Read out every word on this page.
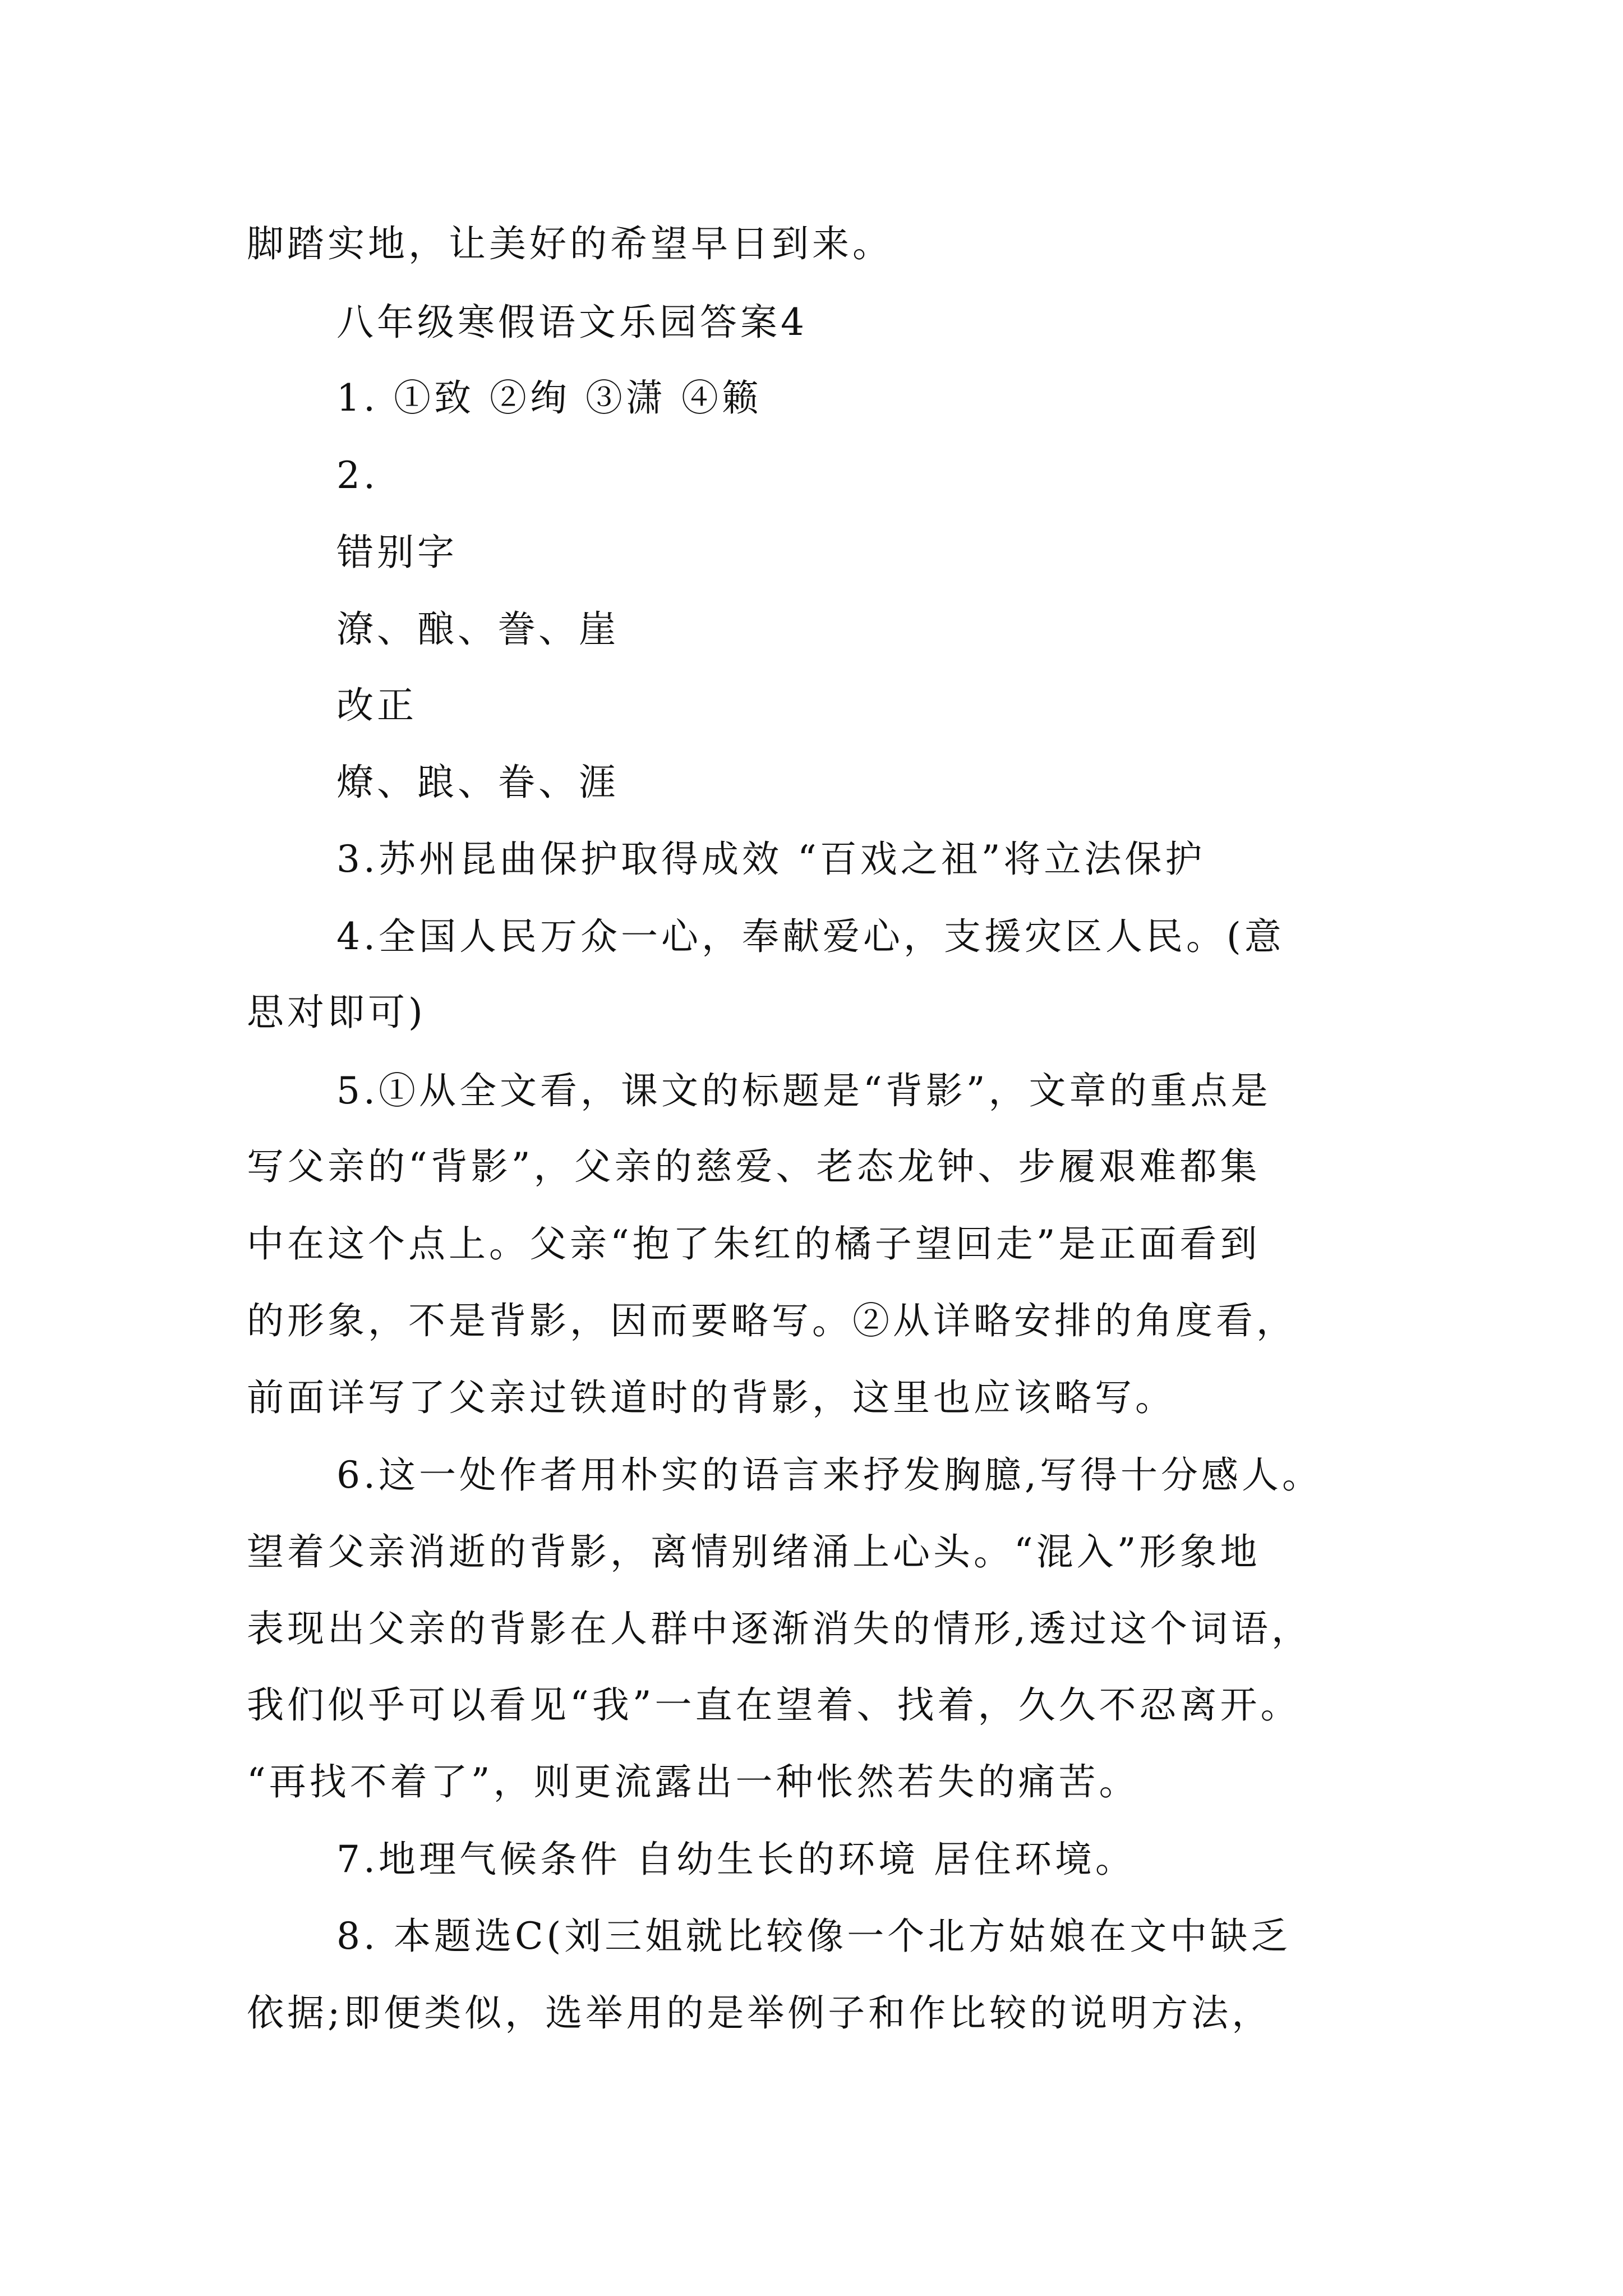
脚踏实地，让美好的希望早日到来。
八年级寒假语文乐园答案4
1. ①致 ②绚 ③潇 ④籁
2.
错别字
潦、酿、誊、崖
改正
燎、踉、眷、涯
3.苏州昆曲保护取得成效 “百戏之祖”将立法保护
4.全国人民万众一心，奉献爱心，支援灾区人民。(意
思对即可)
5.①从全文看，课文的标题是“背影”，文章的重点是
写父亲的“背影”，父亲的慈爱、老态龙钟、步履艰难都集
中在这个点上。父亲“抱了朱红的橘子望回走”是正面看到
的形象，不是背影，因而要略写。②从详略安排的角度看，
前面详写了父亲过铁道时的背影，这里也应该略写。
6.这一处作者用朴实的语言来抒发胸臆,写得十分感人。
望着父亲消逝的背影，离情别绪涌上心头。“混入”形象地
表现出父亲的背影在人群中逐渐消失的情形,透过这个词语，
我们似乎可以看见“我”一直在望着、找着，久久不忍离开。
“再找不着了”，则更流露出一种怅然若失的痛苦。
7.地理气候条件 自幼生长的环境 居住环境。
8. 本题选C(刘三姐就比较像一个北方姑娘在文中缺乏
依据;即便类似，选举用的是举例子和作比较的说明方法，
